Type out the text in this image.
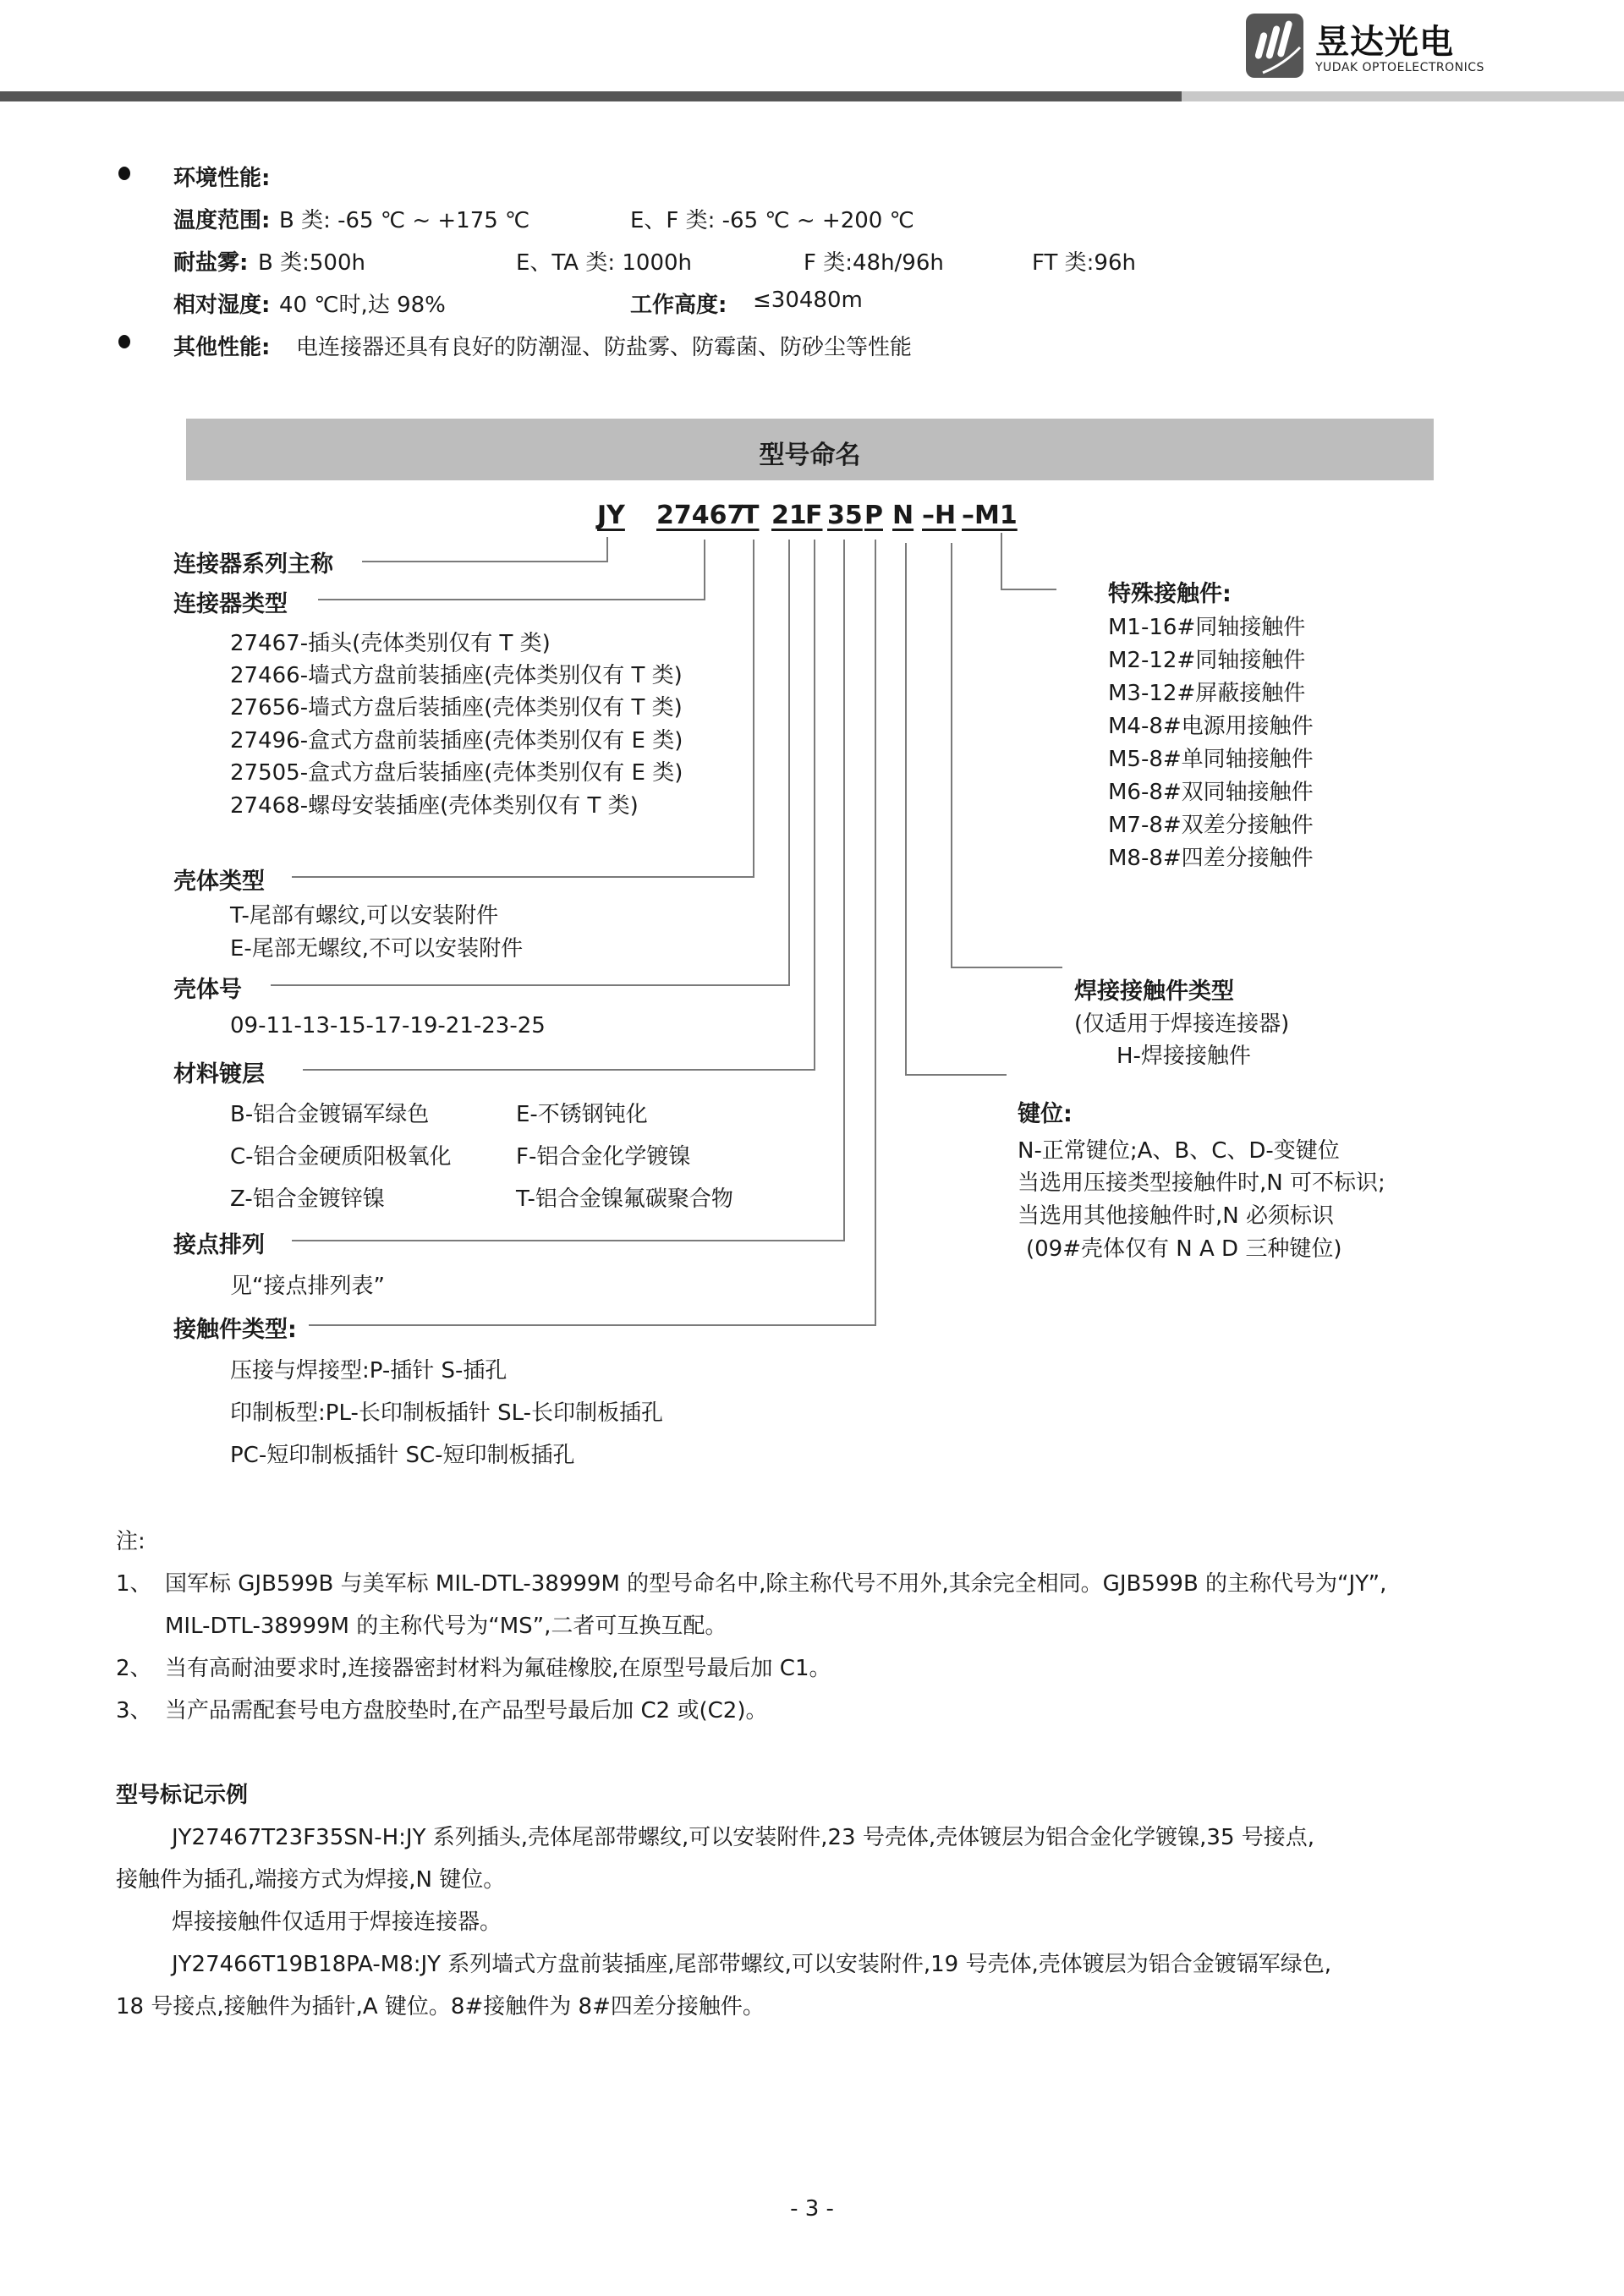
昱达光电
YUDAK OPTOELECTRONICS
环境性能:
温度范围: B 类: -65 ℃ ~ +175 ℃	E、F 类: -65 ℃ ~ +200 ℃
耐盐雾: B 类:500h	E、TA 类: 1000h	F 类:48h/96h	FT 类:96h
相对湿度: 40 ℃时,达 98%	工作高度: ≤30480m
其他性能: 电连接器还具有良好的防潮湿、防盐雾、防霉菌、防砂尘等性能
型号命名
JY 27467
T 21
F 35 P N –H –M1
连接器系列主称
连接器类型
27467-插头(壳体类别仅有 T 类)
27466-墙式方盘前装插座(壳体类别仅有 T 类)
27656-墙式方盘后装插座(壳体类别仅有 T 类)
27496-盒式方盘前装插座(壳体类别仅有 E 类)
27505-盒式方盘后装插座(壳体类别仅有 E 类)
27468-螺母安装插座(壳体类别仅有 T 类)
壳体类型
T-尾部有螺纹,可以安装附件
E-尾部无螺纹,不可以安装附件
壳体号
09-11-13-15-17-19-21-23-25
材料镀层
B-铝合金镀镉军绿色	E-不锈钢钝化
C-铝合金硬质阳极氧化	F-铝合金化学镀镍
Z-铝合金镀锌镍	T-铝合金镍氟碳聚合物
接点排列
见“接点排列表”
接触件类型:
压接与焊接型:P-插针 S-插孔
印制板型:PL-长印制板插针 SL-长印制板插孔
PC-短印制板插针 SC-短印制板插孔
特殊接触件:
M1-16#同轴接触件
M2-12#同轴接触件
M3-12#屏蔽接触件
M4-8#电源用接触件
M5-8#单同轴接触件
M6-8#双同轴接触件
M7-8#双差分接触件
M8-8#四差分接触件
焊接接触件类型
(仅适用于焊接连接器)
H-焊接接触件
键位:
N-正常键位;A、B、C、D-变键位
当选用压接类型接触件时,N 可不标识;
当选用其他接触件时,N 必须标识
(09#壳体仅有 N A D 三种键位)
注:
1、 国军标 GJB599B 与美军标 MIL-DTL-38999M 的型号命名中,除主称代号不用外,其余完全相同。GJB599B 的主称代号为“JY”,
MIL-DTL-38999M 的主称代号为“MS”,二者可互换互配。
2、 当有高耐油要求时,连接器密封材料为氟硅橡胶,在原型号最后加 C1。
3、 当产品需配套号电方盘胶垫时,在产品型号最后加 C2 或(C2)。
型号标记示例
JY27467T23F35SN-H:JY 系列插头,壳体尾部带螺纹,可以安装附件,23 号壳体,壳体镀层为铝合金化学镀镍,35 号接点,
接触件为插孔,端接方式为焊接,N 键位。
焊接接触件仅适用于焊接连接器。
JY27466T19B18PA-M8:JY 系列墙式方盘前装插座,尾部带螺纹,可以安装附件,19 号壳体,壳体镀层为铝合金镀镉军绿色,
18 号接点,接触件为插针,A 键位。8#接触件为 8#四差分接触件。
- 3 -
